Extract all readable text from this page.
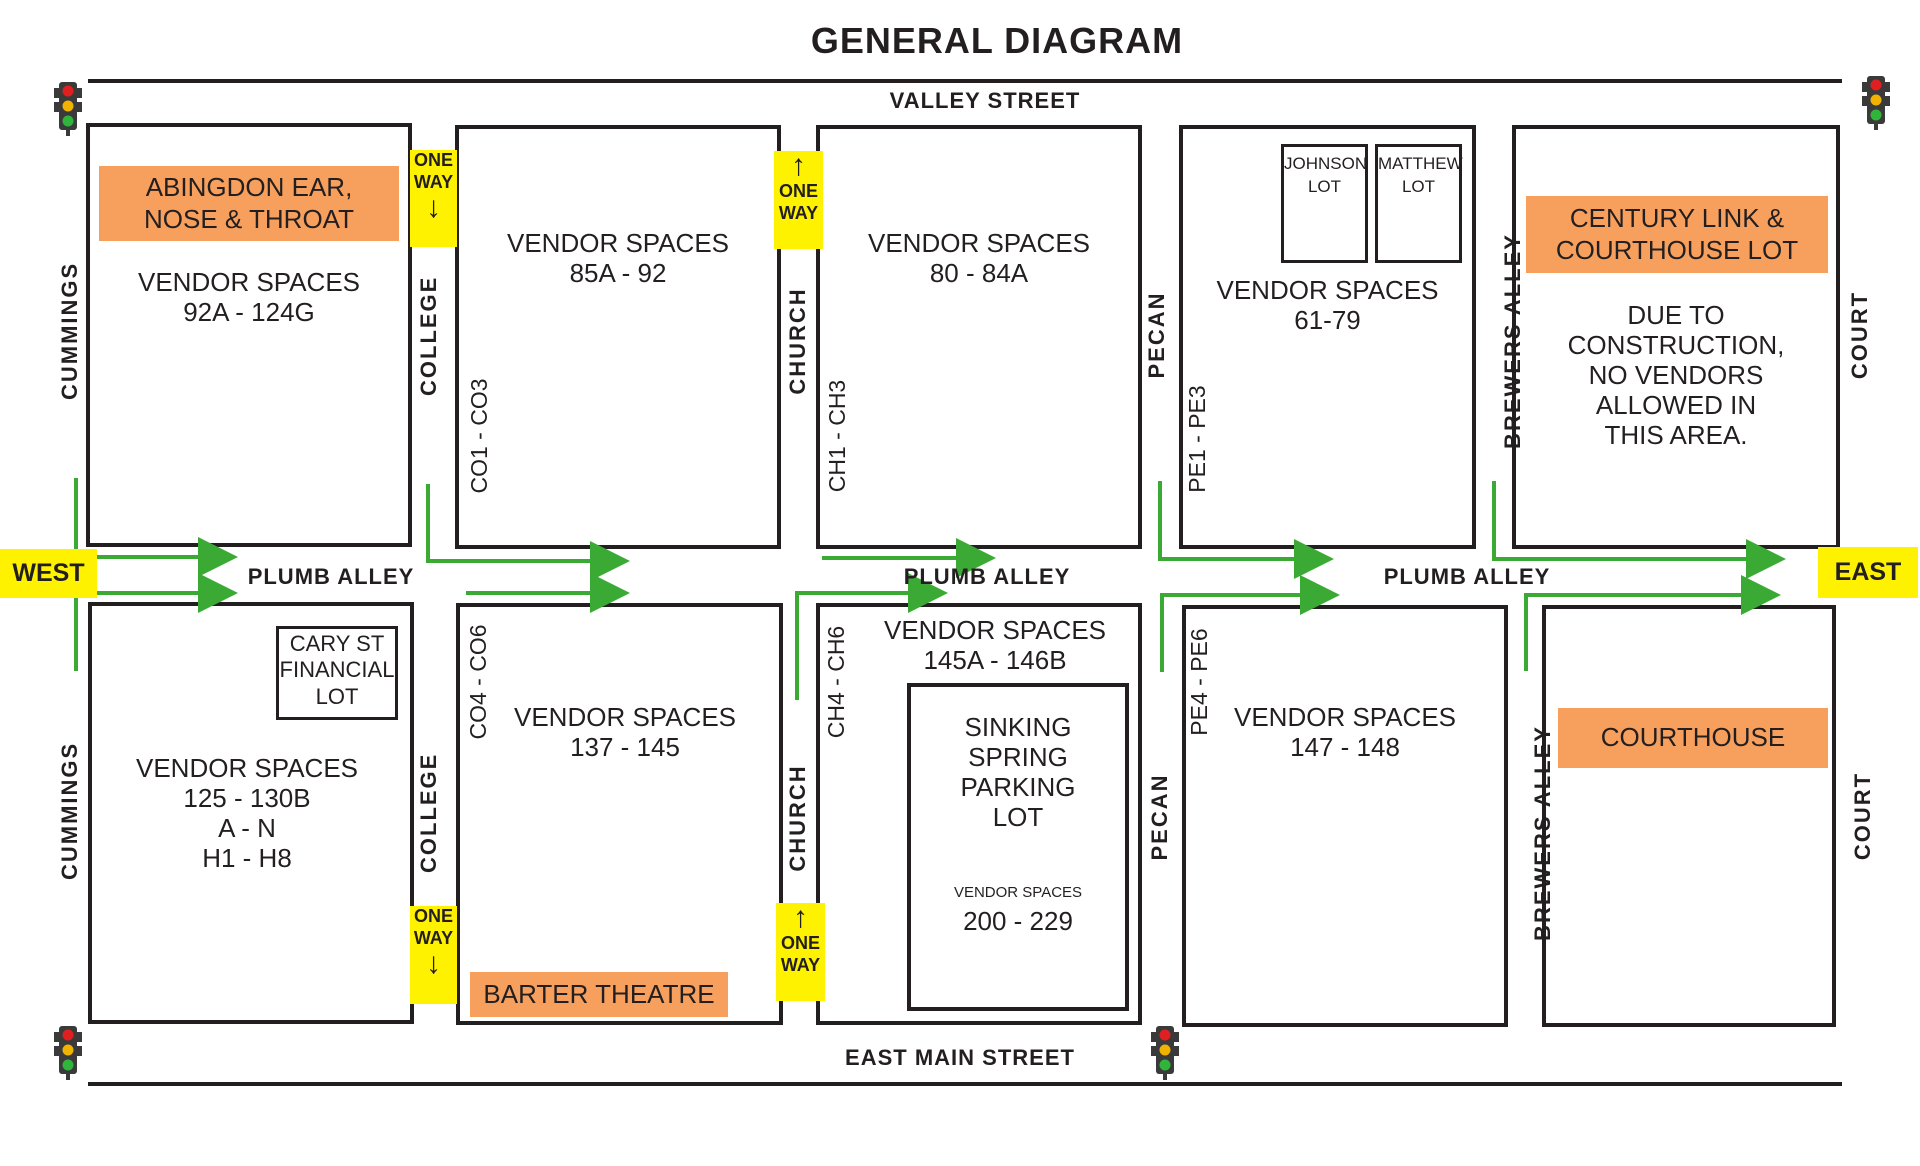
GENERAL DIAGRAM
VALLEY STREET
EAST MAIN STREET
PLUMB ALLEY	PLUMB ALLEY	PLUMB ALLEY
WEST	EAST
CUMMINGS
CUMMINGS
COLLEGE
COLLEGE
CHURCH
CHURCH
PECAN
PECAN
BREWERS ALLEY
BREWERS ALLEY
COURT
COURT
CO1 - CO3
CO4 - CO6
CH1 - CH3
CH4 - CH6
PE1 - PE3
PE4 - PE6
ONE
WAY
↓
ONE
WAY
↓
↑
ONE
WAY
↑
ONE
WAY
ABINGDON EAR,
NOSE & THROAT	CENTURY LINK &
COURTHOUSE LOT
BARTER THEATRE
COURTHOUSE
VENDOR SPACES
92A - 124G
VENDOR SPACES
85A - 92
VENDOR SPACES
80 - 84A
VENDOR SPACES
61-79	DUE TO
CONSTRUCTION,
NO VENDORS
ALLOWED IN
THIS AREA.
VENDOR SPACES
125 - 130B
A - N
H1 - H8
VENDOR SPACES
137 - 145
VENDOR SPACES
145A - 146B
VENDOR SPACES
147 - 148
SINKING
SPRING
PARKING
LOT
VENDOR SPACES
200 - 229
JOHNSON
LOT
MATTHEW
LOT
CARY ST
FINANCIAL
LOT
